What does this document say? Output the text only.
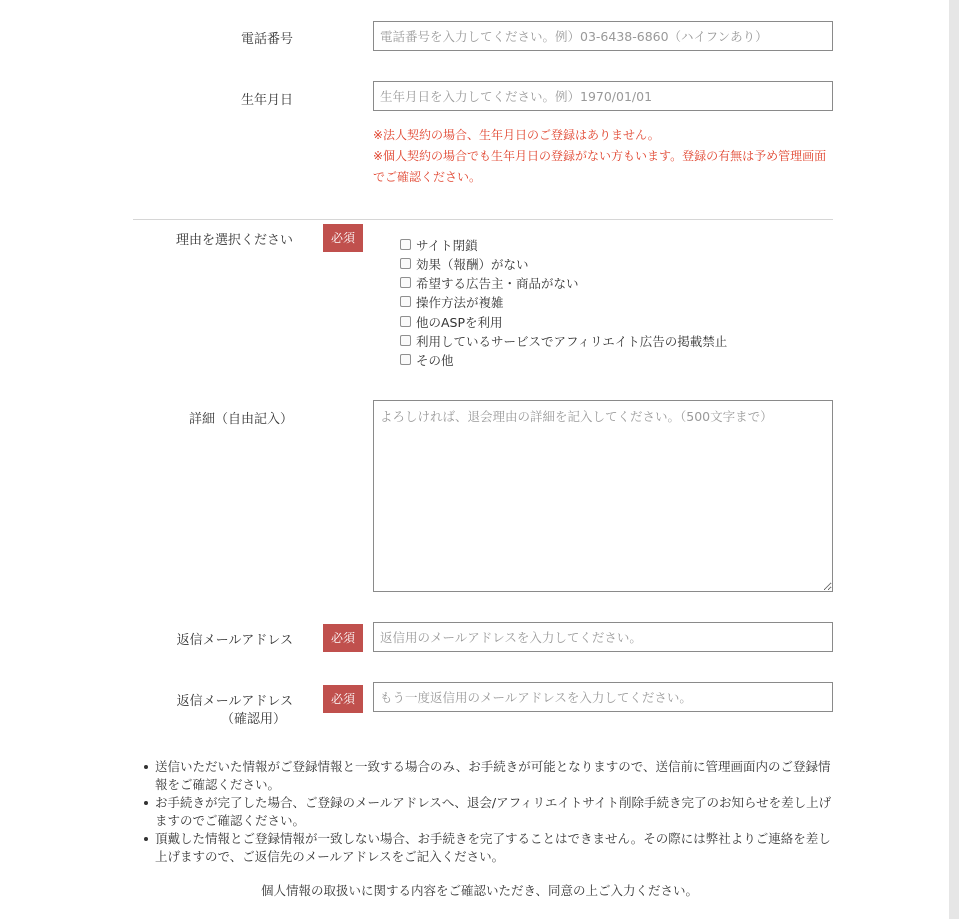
電話番号
電話番号を入力してください。例）03-6438-6860（ハイフンあり）
生年月日
生年月日を入力してください。例）1970/01/01
※法人契約の場合、生年月日のご登録はありません。
※個人契約の場合でも生年月日の登録がない方もいます。登録の有無は予め管理画面
でご確認ください。
理由を選択ください	必須	サイト閉鎖
効果（報酬）がない
希望する広告主・商品がない
操作方法が複雑
他のASPを利用
利用しているサービスでアフィリエイト広告の掲載禁止
その他
詳細（自由記入）
よろしければ、退会理由の詳細を記入してください。（500文字まで）
返信メールアドレス	必須
返信用のメールアドレスを入力してください。
返信メールアドレス
（確認用）
必須
もう一度返信用のメールアドレスを入力してください。
送信いただいた情報がご登録情報と一致する場合のみ、お手続きが可能となりますので、送信前に管理画面内のご登録情報をご確認ください。
お手続きが完了した場合、ご登録のメールアドレスへ、退会/アフィリエイトサイト削除手続き完了のお知らせを差し上げますのでご確認ください。
頂戴した情報とご登録情報が一致しない場合、お手続きを完了することはできません。その際には弊社よりご連絡を差し上げますので、ご返信先のメールアドレスをご記入ください。
個人情報の取扱いに関する内容をご確認いただき、同意の上ご入力ください。
